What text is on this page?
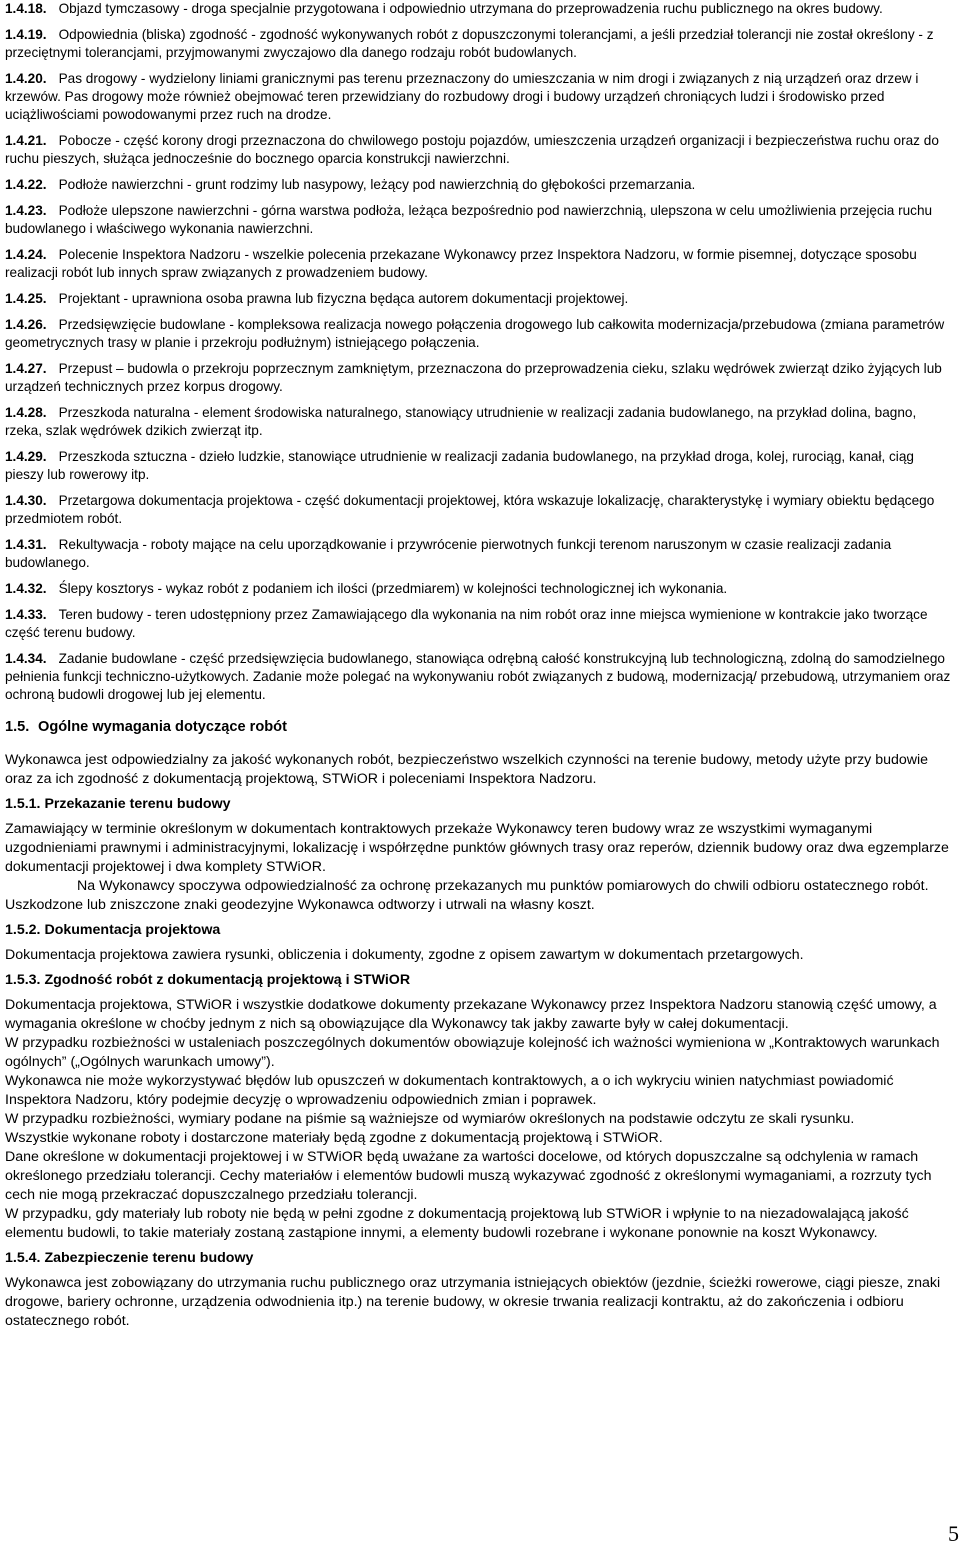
1.4.18. Objazd tymczasowy - droga specjalnie przygotowana i odpowiednio utrzymana do przeprowadzenia ruchu publicznego na okres budowy.

1.4.19. Odpowiednia (bliska) zgodność - zgodność wykonywanych robót z dopuszczonymi tolerancjami, a jeśli przedział tolerancji nie został określony - z przeciętnymi tolerancjami, przyjmowanymi zwyczajowo dla danego rodzaju robót budowlanych.

1.4.20. Pas drogowy - wydzielony liniami granicznymi pas terenu przeznaczony do umieszczania w nim drogi i związanych z nią urządzeń oraz drzew i krzewów. Pas drogowy może również obejmować teren przewidziany do rozbudowy drogi i budowy urządzeń chroniących ludzi i środowisko przed uciążliwościami powodowanymi przez ruch na drodze.

1.4.21. Pobocze - część korony drogi przeznaczona do chwilowego postoju pojazdów, umieszczenia urządzeń organizacji i bezpieczeństwa ruchu oraz do ruchu pieszych, służąca jednocześnie do bocznego oparcia konstrukcji nawierzchni.

1.4.22. Podłoże nawierzchni - grunt rodzimy lub nasypowy, leżący pod nawierzchnią do głębokości przemarzania.

1.4.23. Podłoże ulepszone nawierzchni - górna warstwa podłoża, leżąca bezpośrednio pod nawierzchnią, ulepszona w celu umożliwienia przejęcia ruchu budowlanego i właściwego wykonania nawierzchni.

1.4.24. Polecenie Inspektora Nadzoru - wszelkie polecenia przekazane Wykonawcy przez Inspektora Nadzoru, w formie pisemnej, dotyczące sposobu realizacji robót lub innych spraw związanych z prowadzeniem budowy.

1.4.25. Projektant - uprawniona osoba prawna lub fizyczna będąca autorem dokumentacji projektowej.

1.4.26. Przedsięwzięcie budowlane - kompleksowa realizacja nowego połączenia drogowego lub całkowita modernizacja/przebudowa (zmiana parametrów geometrycznych trasy w planie i przekroju podłużnym) istniejącego połączenia.

1.4.27. Przepust – budowla o przekroju poprzecznym zamkniętym, przeznaczona do przeprowadzenia cieku, szlaku wędrówek zwierząt dziko żyjących lub urządzeń technicznych przez korpus drogowy.

1.4.28. Przeszkoda naturalna - element środowiska naturalnego, stanowiący utrudnienie w realizacji zadania budowlanego, na przykład dolina, bagno, rzeka, szlak wędrówek dzikich zwierząt itp.

1.4.29. Przeszkoda sztuczna - dzieło ludzkie, stanowiące utrudnienie w realizacji zadania budowlanego, na przykład droga, kolej, rurociąg, kanał, ciąg pieszy lub rowerowy itp.

1.4.30. Przetargowa dokumentacja projektowa - część dokumentacji projektowej, która wskazuje lokalizację, charakterystykę i wymiary obiektu będącego przedmiotem robót.

1.4.31. Rekultywacja - roboty mające na celu uporządkowanie i przywrócenie pierwotnych funkcji terenom naruszonym w czasie realizacji zadania budowlanego.

1.4.32. Ślepy kosztorys - wykaz robót z podaniem ich ilości (przedmiarem) w kolejności technologicznej ich wykonania.

1.4.33. Teren budowy - teren udostępniony przez Zamawiającego dla wykonania na nim robót oraz inne miejsca wymienione w kontrakcie jako tworzące część terenu budowy.

1.4.34. Zadanie budowlane - część przedsięwzięcia budowlanego, stanowiąca odrębną całość konstrukcyjną lub technologiczną, zdolną do samodzielnego pełnienia funkcji techniczno-użytkowych. Zadanie może polegać na wykonywaniu robót związanych z budową, modernizacją/ przebudową, utrzymaniem oraz ochroną budowli drogowej lub jej elementu.

1.5. Ogólne wymagania dotyczące robót

Wykonawca jest odpowiedzialny za jakość wykonanych robót, bezpieczeństwo wszelkich czynności na terenie budowy, metody użyte przy budowie oraz za ich zgodność z dokumentacją projektową, STWiOR i poleceniami Inspektora Nadzoru.

1.5.1. Przekazanie terenu budowy

Zamawiający w terminie określonym w dokumentach kontraktowych przekaże Wykonawcy teren budowy wraz ze wszystkimi wymaganymi uzgodnieniami prawnymi i administracyjnymi, lokalizację i współrzędne punktów głównych trasy oraz reperów, dziennik budowy oraz dwa egzemplarze dokumentacji projektowej i dwa komplety STWiOR.

Na Wykonawcy spoczywa odpowiedzialność za ochronę przekazanych mu punktów pomiarowych do chwili odbioru ostatecznego robót. Uszkodzone lub zniszczone znaki geodezyjne Wykonawca odtworzy i utrwali na własny koszt.

1.5.2. Dokumentacja projektowa

Dokumentacja projektowa zawiera rysunki, obliczenia i dokumenty, zgodne z opisem zawartym w dokumentach przetargowych.

1.5.3. Zgodność robót z dokumentacją projektową i STWiOR

Dokumentacja projektowa, STWiOR i wszystkie dodatkowe dokumenty przekazane Wykonawcy przez Inspektora Nadzoru stanowią część umowy, a wymagania określone w choćby jednym z nich są obowiązujące dla Wykonawcy tak jakby zawarte były w całej dokumentacji.

W przypadku rozbieżności w ustaleniach poszczególnych dokumentów obowiązuje kolejność ich ważności wymieniona w „Kontraktowych warunkach ogólnych” („Ogólnych warunkach umowy”).

Wykonawca nie może wykorzystywać błędów lub opuszczeń w dokumentach kontraktowych, a o ich wykryciu winien natychmiast powiadomić Inspektora Nadzoru, który podejmie decyzję o wprowadzeniu odpowiednich zmian i poprawek.

W przypadku rozbieżności, wymiary podane na piśmie są ważniejsze od wymiarów określonych na podstawie odczytu ze skali rysunku.

Wszystkie wykonane roboty i dostarczone materiały będą zgodne z dokumentacją projektową i STWiOR.

Dane określone w dokumentacji projektowej i w STWiOR będą uważane za wartości docelowe, od których dopuszczalne są odchylenia w ramach określonego przedziału tolerancji. Cechy materiałów i elementów budowli muszą wykazywać zgodność z określonymi wymaganiami, a rozrzuty tych cech nie mogą przekraczać dopuszczalnego przedziału tolerancji.

W przypadku, gdy materiały lub roboty nie będą w pełni zgodne z dokumentacją projektową lub STWiOR i wpłynie to na niezadowalającą jakość elementu budowli, to takie materiały zostaną zastąpione innymi, a elementy budowli rozebrane i wykonane ponownie na koszt Wykonawcy.

1.5.4. Zabezpieczenie terenu budowy

Wykonawca jest zobowiązany do utrzymania ruchu publicznego oraz utrzymania istniejących obiektów (jezdnie, ścieżki rowerowe, ciągi piesze, znaki drogowe, bariery ochronne, urządzenia odwodnienia itp.) na terenie budowy, w okresie trwania realizacji kontraktu, aż do zakończenia i odbioru ostatecznego robót.

5
